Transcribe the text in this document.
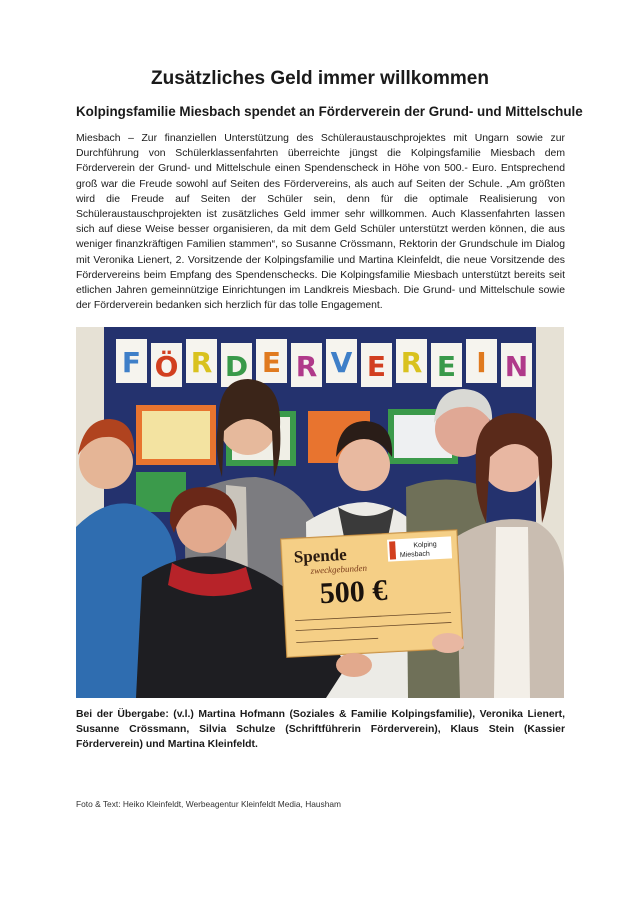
Zusätzliches Geld immer willkommen
Kolpingsfamilie Miesbach spendet an Förderverein der Grund- und Mittelschule

Miesbach – Zur finanziellen Unterstützung des Schüleraustauschprojektes mit Ungarn sowie zur Durchführung von Schülerklassenfahrten überreichte jüngst die Kolpingsfamilie Miesbach dem Förderverein der Grund- und Mittelschule einen Spendenscheck in Höhe von 500.- Euro. Entsprechend groß war die Freude sowohl auf Seiten des Fördervereins, als auch auf Seiten der Schule. „Am größten wird die Freude auf Seiten der Schüler sein, denn für die optimale Realisierung von Schüleraustauschprojekten ist zusätzliches Geld immer sehr willkommen. Auch Klassenfahrten lassen sich auf diese Weise besser organisieren, da mit dem Geld Schüler unterstützt werden können, die aus weniger finanzkräftigen Familien stammen“, so Susanne Crössmann, Rektorin der Grundschule im Dialog mit Veronika Lienert, 2. Vorsitzende der Kolpingsfamilie und Martina Kleinfeldt, die neue Vorsitzende des Fördervereins beim Empfang des Spendenschecks. Die Kolpingsfamilie Miesbach unterstützt bereits seit etlichen Jahren gemeinnützige Einrichtungen im Landkreis Miesbach. Die Grund- und Mittelschule sowie der Förderverein bedanken sich herzlich für das tolle Engagement.

F Ö R D E R V E R E I N
Spende
zweckgebunden
Kolping
Miesbach
500 €

Bei der Übergabe: (v.l.) Martina Hofmann (Soziales & Familie Kolpingsfamilie), Veronika Lienert, Susanne Crössmann, Silvia Schulze (Schriftführerin Förderverein), Klaus Stein (Kassier Förderverein) und Martina Kleinfeldt.

Foto & Text: Heiko Kleinfeldt, Werbeagentur Kleinfeldt Media, Hausham
